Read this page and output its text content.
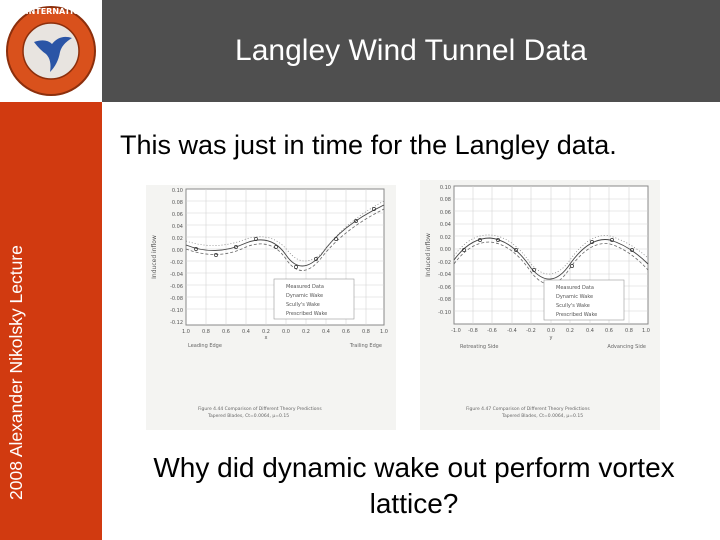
AHS INTERNATIONAL
2008 Alexander Nikolsky Lecture
Langley Wind Tunnel Data
This was just in time for the Langley data.
0.10
0.08
0.06
0.04
0.02
0.00
-0.02
-0.04
-0.06
-0.08
-0.10
-0.12
1.0 0.8 0.6 0.4 0.2 0.0 0.2 0.4 0.6 0.8 1.0
x
Induced inflow
Leading Edge	Trailing Edge
Measured Data
Dynamic Wake
Scully's Wake
Prescribed Wake
Figure 4.44 Comparison of Different Theory Predictions
Tapered Blades, Ct=0.0064, μ=0.15
0.10
0.08
0.06
0.04
0.02
0.00
-0.02
-0.04
-0.06
-0.08
-0.10
-1.0 -0.8 -0.6 -0.4 -0.2 0.0 0.2 0.4 0.6 0.8 1.0
y
Induced inflow
Retreating Side	Advancing Side
Measured Data
Dynamic Wake
Scully's Wake
Prescribed Wake
Figure 4.47 Comparison of Different Theory Predictions
Tapered Blades, Ct=0.0064, μ=0.15
Why did dynamic wake out perform vortex lattice?
